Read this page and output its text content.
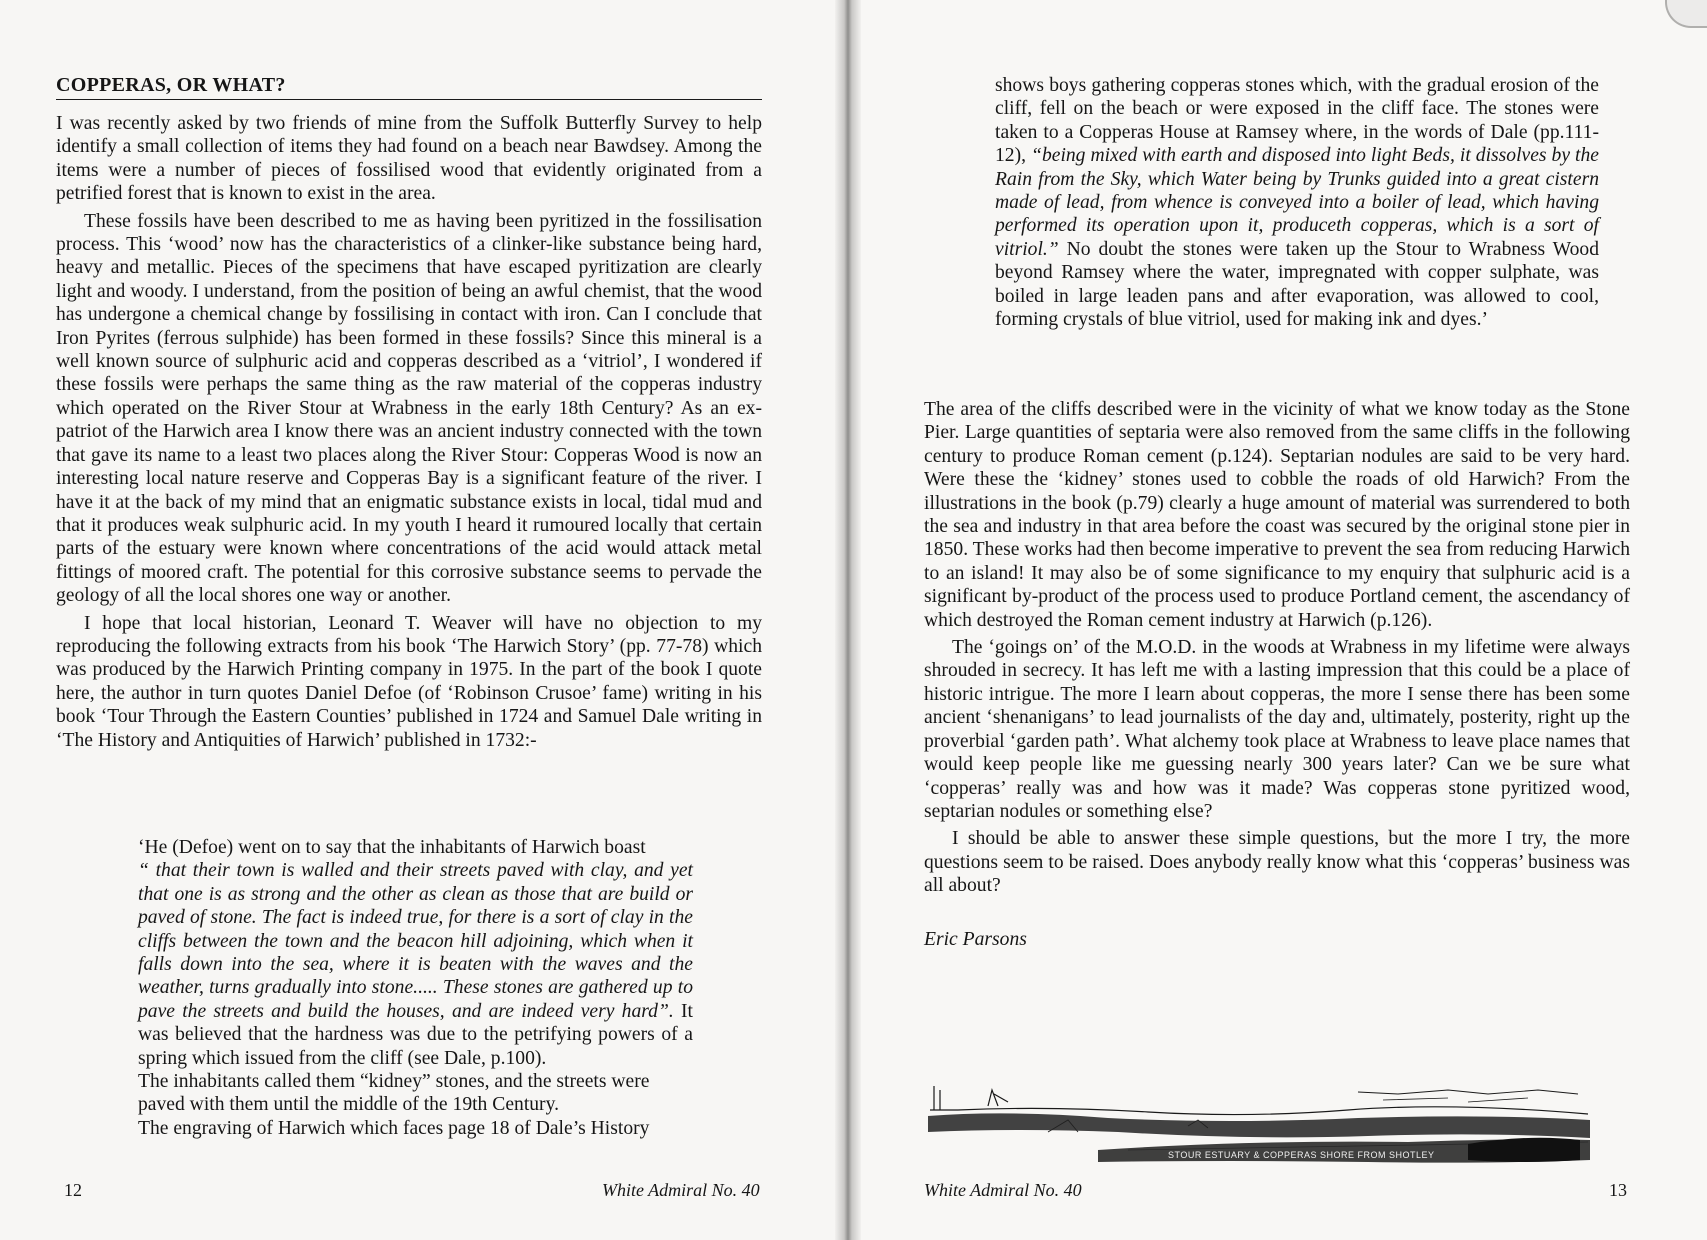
COPPERAS, OR WHAT?

I was recently asked by two friends of mine from the Suffolk Butterfly Survey to help identify a small collection of items they had found on a beach near Bawdsey. Among the items were a number of pieces of fossilised wood that evidently originated from a petrified forest that is known to exist in the area.

These fossils have been described to me as having been pyritized in the fossilisation process. This ‘wood’ now has the characteristics of a clinker-like substance being hard, heavy and metallic. Pieces of the specimens that have escaped pyritization are clearly light and woody. I understand, from the position of being an awful chemist, that the wood has undergone a chemical change by fossilising in contact with iron. Can I conclude that Iron Pyrites (ferrous sulphide) has been formed in these fossils? Since this mineral is a well known source of sulphuric acid and copperas described as a ‘vitriol’, I wondered if these fossils were perhaps the same thing as the raw material of the copperas industry which operated on the River Stour at Wrabness in the early 18th Century? As an ex-patriot of the Harwich area I know there was an ancient industry connected with the town that gave its name to a least two places along the River Stour: Copperas Wood is now an interesting local nature reserve and Copperas Bay is a significant feature of the river. I have it at the back of my mind that an enigmatic substance exists in local, tidal mud and that it produces weak sulphuric acid. In my youth I heard it rumoured locally that certain parts of the estuary were known where concentrations of the acid would attack metal fittings of moored craft. The potential for this corrosive substance seems to pervade the geology of all the local shores one way or another.

I hope that local historian, Leonard T. Weaver will have no objection to my reproducing the following extracts from his book ‘The Harwich Story’ (pp. 77-78) which was produced by the Harwich Printing company in 1975. In the part of the book I quote here, the author in turn quotes Daniel Defoe (of ‘Robinson Crusoe’ fame) writing in his book ‘Tour Through the Eastern Counties’ published in 1724 and Samuel Dale writing in ‘The History and Antiquities of Harwich’ published in 1732:-

‘He (Defoe) went on to say that the inhabitants of Harwich boast

“ that their town is walled and their streets paved with clay, and yet that one is as strong and the other as clean as those that are build or paved of stone. The fact is indeed true, for there is a sort of clay in the cliffs between the town and the beacon hill adjoining, which when it falls down into the sea, where it is beaten with the waves and the weather, turns gradually into stone..... These stones are gathered up to pave the streets and build the houses, and are indeed very hard”. It was believed that the hardness was due to the petrifying powers of a spring which issued from the cliff (see Dale, p.100).

The inhabitants called them “kidney” stones, and the streets were paved with them until the middle of the 19th Century.

The engraving of Harwich which faces page 18 of Dale’s History

12	White Admiral No. 40

shows boys gathering copperas stones which, with the gradual erosion of the cliff, fell on the beach or were exposed in the cliff face. The stones were taken to a Copperas House at Ramsey where, in the words of Dale (pp.111-12), “being mixed with earth and disposed into light Beds, it dissolves by the Rain from the Sky, which Water being by Trunks guided into a great cistern made of lead, from whence is conveyed into a boiler of lead, which having performed its operation upon it, produceth copperas, which is a sort of vitriol.” No doubt the stones were taken up the Stour to Wrabness Wood beyond Ramsey where the water, impregnated with copper sulphate, was boiled in large leaden pans and after evaporation, was allowed to cool, forming crystals of blue vitriol, used for making ink and dyes.’

The area of the cliffs described were in the vicinity of what we know today as the Stone Pier. Large quantities of septaria were also removed from the same cliffs in the following century to produce Roman cement (p.124). Septarian nodules are said to be very hard. Were these the ‘kidney’ stones used to cobble the roads of old Harwich? From the illustrations in the book (p.79) clearly a huge amount of material was surrendered to both the sea and industry in that area before the coast was secured by the original stone pier in 1850. These works had then become imperative to prevent the sea from reducing Harwich to an island! It may also be of some significance to my enquiry that sulphuric acid is a significant by-product of the process used to produce Portland cement, the ascendancy of which destroyed the Roman cement industry at Harwich (p.126).

The ‘goings on’ of the M.O.D. in the woods at Wrabness in my lifetime were always shrouded in secrecy. It has left me with a lasting impression that this could be a place of historic intrigue. The more I learn about copperas, the more I sense there has been some ancient ‘shenanigans’ to lead journalists of the day and, ultimately, posterity, right up the proverbial ‘garden path’. What alchemy took place at Wrabness to leave place names that would keep people like me guessing nearly 300 years later? Can we be sure what ‘copperas’ really was and how was it made? Was copperas stone pyritized wood, septarian nodules or something else?

I should be able to answer these simple questions, but the more I try, the more questions seem to be raised. Does anybody really know what this ‘copperas’ business was all about?

Eric Parsons
STOUR ESTUARY & COPPERAS SHORE FROM SHOTLEY
White Admiral No. 40	13
